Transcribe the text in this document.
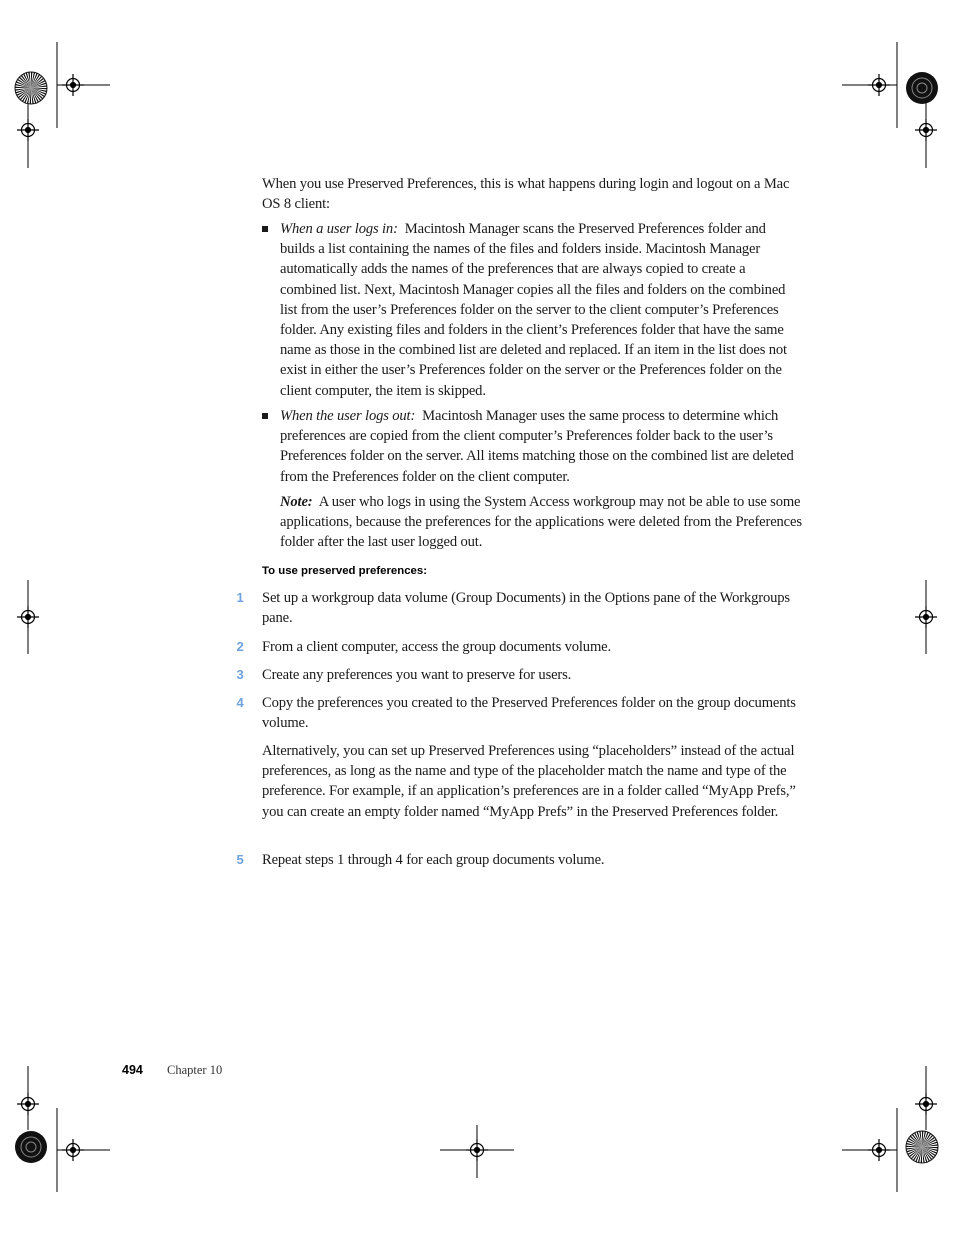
When you use Preserved Preferences, this is what happens during login and logout on a Mac OS 8 client:

When a user logs in: Macintosh Manager scans the Preserved Preferences folder and builds a list containing the names of the files and folders inside. Macintosh Manager automatically adds the names of the preferences that are always copied to create a combined list. Next, Macintosh Manager copies all the files and folders on the combined list from the user’s Preferences folder on the server to the client computer’s Preferences folder. Any existing files and folders in the client’s Preferences folder that have the same name as those in the combined list are deleted and replaced. If an item in the list does not exist in either the user’s Preferences folder on the server or the Preferences folder on the client computer, the item is skipped.

When the user logs out: Macintosh Manager uses the same process to determine which preferences are copied from the client computer’s Preferences folder back to the user’s Preferences folder on the server. All items matching those on the combined list are deleted from the Preferences folder on the client computer.

Note: A user who logs in using the System Access workgroup may not be able to use some applications, because the preferences for the applications were deleted from the Preferences folder after the last user logged out.

To use preserved preferences:
1	Set up a workgroup data volume (Group Documents) in the Options pane of the Workgroups pane.

2	From a client computer, access the group documents volume.

3	Create any preferences you want to preserve for users.

4	Copy the preferences you created to the Preserved Preferences folder on the group documents volume.

Alternatively, you can set up Preserved Preferences using “placeholders” instead of the actual preferences, as long as the name and type of the placeholder match the name and type of the preference. For example, if an application’s preferences are in a folder called “MyApp Prefs,” you can create an empty folder named “MyApp Prefs” in the Preserved Preferences folder.

5	Repeat steps 1 through 4 for each group documents volume.

494 Chapter 10
